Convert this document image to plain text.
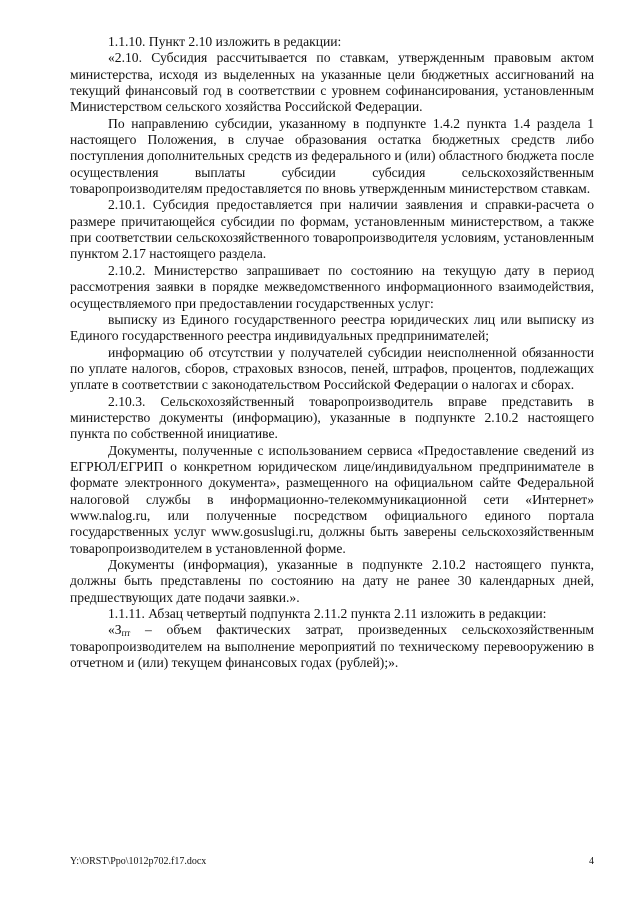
1.1.10. Пункт 2.10 изложить в редакции:

«2.10. Субсидия рассчитывается по ставкам, утвержденным правовым актом министерства, исходя из выделенных на указанные цели бюджетных ассигнований на текущий финансовый год в соответствии с уровнем софинансирования, установленным Министерством сельского хозяйства Российской Федерации.

По направлению субсидии, указанному в подпункте 1.4.2 пункта 1.4 раздела 1 настоящего Положения, в случае образования остатка бюджетных средств либо поступления дополнительных средств из федерального и (или) областного бюджета после осуществления выплаты субсидии субсидия сельскохозяйственным товаропроизводителям предоставляется по вновь утвержденным министерством ставкам.

2.10.1. Субсидия предоставляется при наличии заявления и справки-расчета о размере причитающейся субсидии по формам, установленным министерством, а также при соответствии сельскохозяйственного товаропроизводителя условиям, установленным пунктом 2.17 настоящего раздела.

2.10.2. Министерство запрашивает по состоянию на текущую дату в период рассмотрения заявки в порядке межведомственного информационного взаимодействия, осуществляемого при предоставлении государственных услуг:

выписку из Единого государственного реестра юридических лиц или выписку из Единого государственного реестра индивидуальных предпринимателей;

информацию об отсутствии у получателей субсидии неисполненной обязанности по уплате налогов, сборов, страховых взносов, пеней, штрафов, процентов, подлежащих уплате в соответствии с законодательством Российской Федерации о налогах и сборах.

2.10.3. Сельскохозяйственный товаропроизводитель вправе представить в министерство документы (информацию), указанные в подпункте 2.10.2 настоящего пункта по собственной инициативе.

Документы, полученные с использованием сервиса «Предоставление сведений из ЕГРЮЛ/ЕГРИП о конкретном юридическом лице/индивидуальном предпринимателе в формате электронного документа», размещенного на официальном сайте Федеральной налоговой службы в информационно-телекоммуникационной сети «Интернет» www.nalog.ru, или полученные посредством официального единого портала государственных услуг www.gosuslugi.ru, должны быть заверены сельскохозяйственным товаропроизводителем в установленной форме.

Документы (информация), указанные в подпункте 2.10.2 настоящего пункта, должны быть представлены по состоянию на дату не ранее 30 календарных дней, предшествующих дате подачи заявки.».

1.1.11. Абзац четвертый подпункта 2.11.2 пункта 2.11 изложить в редакции:

«$З_{пт}$ – объем фактических затрат, произведенных сельскохозяйственным товаропроизводителем на выполнение мероприятий по техническому перевооружению в отчетном и (или) текущем финансовых годах (рублей);».

Y:\ORST\Ppo\1012p702.f17.docx	4
